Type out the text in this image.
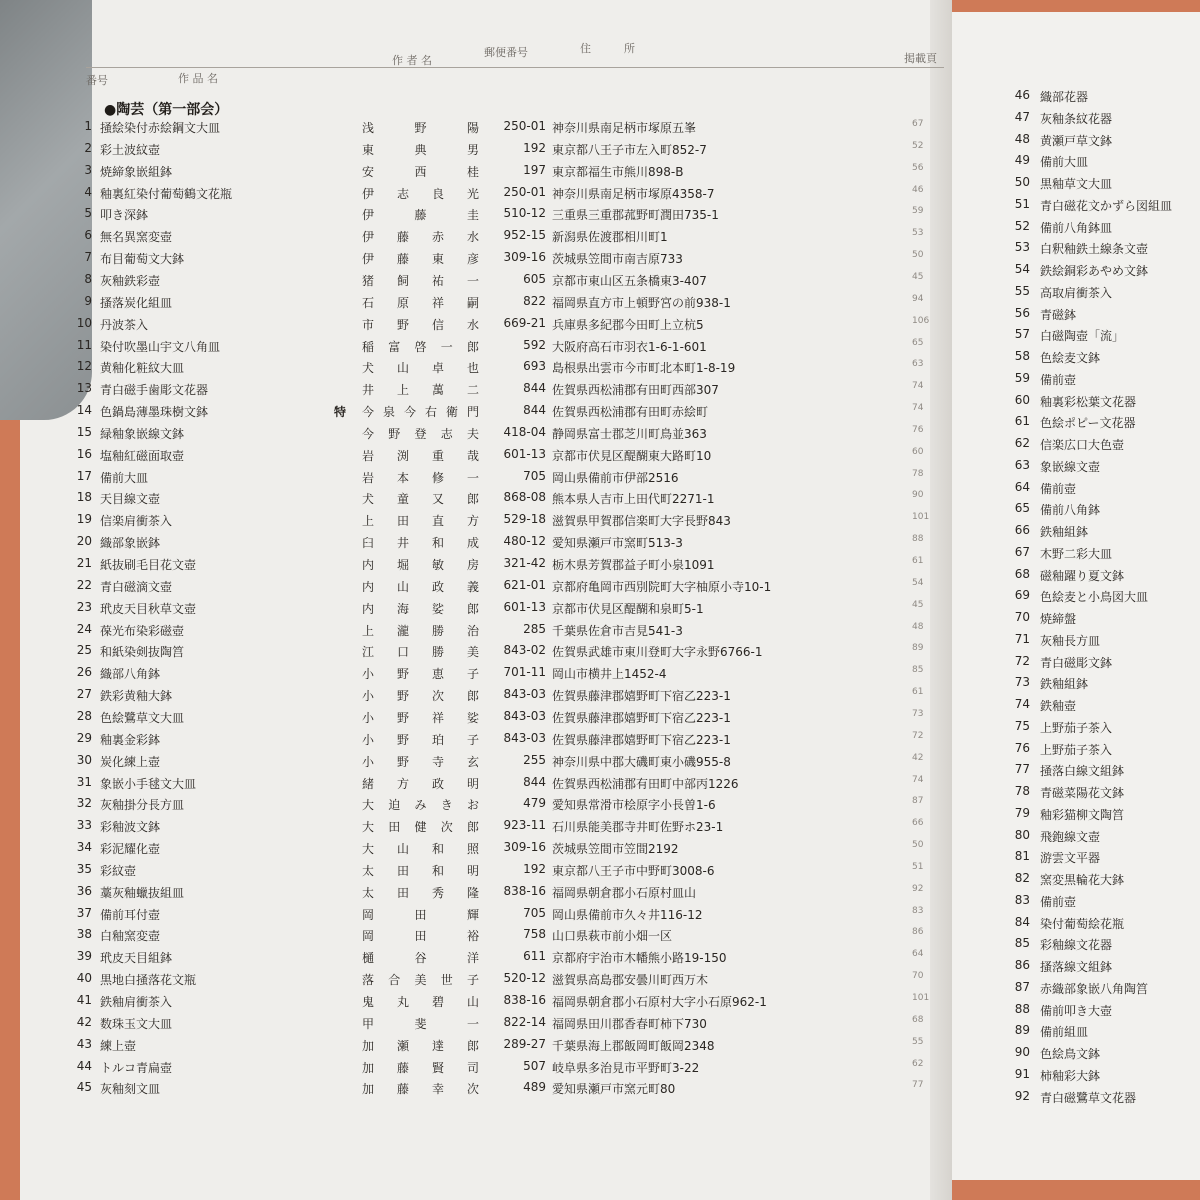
作 者 名
郵便番号	住　　　所
掲載頁
番号	作 品 名
●陶芸（第一部会）
1 掻絵染付赤絵鋼文大皿	浅野陽	250-01 神奈川県南足柄市塚原五峯	67
2 彩土波紋壺	東典男	192 東京都八王子市左入町852-7	52
3 焼締象嵌組鉢	安西桂	197 東京都福生市熊川898-B	56
4 釉裏紅染付葡萄鶴文花瓶	伊志良光	250-01 神奈川県南足柄市塚原4358-7	46
5 叩き深鉢	伊藤圭	510-12 三重県三重郡菰野町潤田735-1	59
6 無名異窯変壺	伊藤赤水	952-15 新潟県佐渡郡相川町1	53
7 布目葡萄文大鉢	伊藤東彦	309-16 茨城県笠間市南吉原733	50
8 灰釉鉄彩壺	猪飼祐一	605 京都市東山区五条橋東3-407	45
9 搔落炭化組皿	石原祥嗣	822 福岡県直方市上頓野宮の前938-1	94
10 丹波茶入	市野信水	669-21 兵庫県多紀郡今田町上立杭5	106
11 染付吹墨山宇文八角皿	稲富啓一郎	592 大阪府高石市羽衣1-6-1-601	65
12 黄釉化粧紋大皿	犬山卓也	693 島根県出雲市今市町北本町1-8-19	63
13 青白磁手歯彫文花器	井上萬二	844 佐賀県西松浦郡有田町西部307	74
14 色鍋島薄墨珠樹文鉢	特 今泉今右衛門	844 佐賀県西松浦郡有田町赤絵町	74
15 緑釉象嵌線文鉢	今野登志夫	418-04 静岡県富士郡芝川町鳥並363	76
16 塩釉紅磁面取壺	岩渕重哉	601-13 京都市伏見区醍醐東大路町10	60
17 備前大皿	岩本修一	705 岡山県備前市伊部2516	78
18 天目線文壺	犬童又郎	868-08 熊本県人吉市上田代町2271-1	90
19 信楽肩衝茶入	上田直方	529-18 滋賀県甲賀郡信楽町大字長野843	101
20 織部象嵌鉢	臼井和成	480-12 愛知県瀬戸市窯町513-3	88
21 紙抜刷毛目花文壺	内堀敏房	321-42 栃木県芳賀郡益子町小泉1091	61
22 青白磁滴文壺	内山政義	621-01 京都府亀岡市西別院町大字柚原小寺10-1	54
23 玳皮天目秋草文壺	内海娑郎	601-13 京都市伏見区醍醐和泉町5-1	45
24 葆光布染彩磁壺	上瀧勝治	285 千葉県佐倉市吉見541-3	48
25 和紙染剣抜陶筥	江口勝美	843-02 佐賀県武雄市東川登町大字永野6766-1	89
26 織部八角鉢	小野恵子	701-11 岡山市横井上1452-4	85
27 鉄彩黄釉大鉢	小野次郎	843-03 佐賀県藤津郡嬉野町下宿乙223-1	61
28 色絵鷺草文大皿	小野祥娑	843-03 佐賀県藤津郡嬉野町下宿乙223-1	73
29 釉裏金彩鉢	小野珀子	843-03 佐賀県藤津郡嬉野町下宿乙223-1	72
30 炭化練上壺	小野寺玄	255 神奈川県中郡大磯町東小磯955-8	42
31 象嵌小手毬文大皿	緒方政明	844 佐賀県西松浦郡有田町中部丙1226	74
32 灰釉掛分長方皿	大迫みきお	479 愛知県常滑市桧原字小長曽1-6	87
33 彩釉波文鉢	大田健次郎	923-11 石川県能美郡寺井町佐野ホ23-1	66
34 彩泥耀化壺	大山和照	309-16 茨城県笠間市笠間2192	50
35 彩紋壺	太田和明	192 東京都八王子市中野町3008-6	51
36 藁灰釉蠟抜組皿	太田秀隆	838-16 福岡県朝倉郡小石原村皿山	92
37 備前耳付壺	岡田輝	705 岡山県備前市久々井116-12	83
38 白釉窯変壺	岡田裕	758 山口県萩市前小畑一区	86
39 玳皮天目組鉢	樋谷洋	611 京都府宇治市木幡熊小路19-150	64
40 黒地白掻落花文瓶	落合美世子	520-12 滋賀県高島郡安曇川町西万木	70
41 鉄釉肩衝茶入	鬼丸碧山	838-16 福岡県朝倉郡小石原村大字小石原962-1	101
42 数珠玉文大皿	甲斐一	822-14 福岡県田川郡香春町柿下730	68
43 練上壺	加瀬達郎	289-27 千葉県海上郡飯岡町飯岡2348	55
44 トルコ青扁壺	加藤賢司	507 岐阜県多治見市平野町3-22	62
45 灰釉刻文皿	加藤幸次	489 愛知県瀬戸市窯元町80	77
46 織部花器
47 灰釉条紋花器
48 黄瀬戸草文鉢
49 備前大皿
50 黒釉草文大皿
51 青白磁花文かずら図組皿
52 備前八角鉢皿
53 白釈釉鉄土線条文壺
54 鉄絵銅彩あやめ文鉢
55 高取肩衝茶入
56 青磁鉢
57 白磁陶壺「流」
58 色絵麦文鉢
59 備前壺
60 釉裏彩松葉文花器
61 色絵ポピー文花器
62 信楽広口大色壺
63 象嵌線文壺
64 備前壺
65 備前八角鉢
66 鉄釉組鉢
67 木野二彩大皿
68 磁釉躍り夏文鉢
69 色絵麦と小鳥図大皿
70 焼締盤
71 灰釉長方皿
72 青白磁彫文鉢
73 鉄釉組鉢
74 鉄釉壺
75 上野茄子茶入
76 上野茄子茶入
77 掻落白線文組鉢
78 青磁菜陽花文鉢
79 釉彩猫柳文陶筥
80 飛鉋線文壺
81 游雲文平器
82 窯変黒輪花大鉢
83 備前壺
84 染付葡萄絵花瓶
85 彩釉線文花器
86 搔落線文組鉢
87 赤織部象嵌八角陶筥
88 備前叩き大壺
89 備前組皿
90 色絵鳥文鉢
91 柿釉彩大鉢
92 青白磁鷺草文花器
